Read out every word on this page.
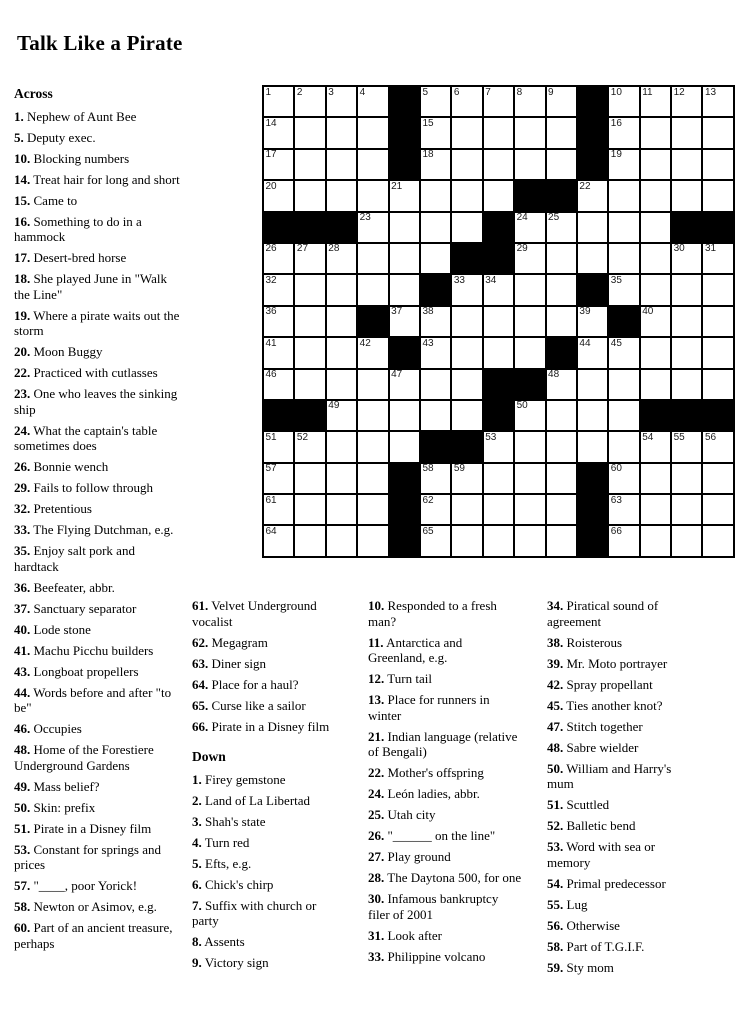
Talk Like a Pirate
1	2	3	4	5	6	7	8	9	10 11 12 13
14	15	16
17	18	19
20	21	22
23	24 25
26 27 28	29	30 31
32	33 34	35
36	37 38	39	40
41	42	43	44 45
46	47	48
49	50
51 52	53	54 55 56
57	58 59	60
61	62	63
64	65	66
Across

1. Nephew of Aunt Bee

5. Deputy exec.

10. Blocking numbers

14. Treat hair for long and short

15. Came to

16. Something to do in a hammock

17. Desert-bred horse

18. She played June in "Walk the Line"

19. Where a pirate waits out the storm

20. Moon Buggy

22. Practiced with cutlasses

23. One who leaves the sinking ship

24. What the captain's table sometimes does

26. Bonnie wench

29. Fails to follow through

32. Pretentious

33. The Flying Dutchman, e.g.

35. Enjoy salt pork and hardtack

36. Beefeater, abbr.

37. Sanctuary separator

40. Lode stone

41. Machu Picchu builders

43. Longboat propellers

44. Words before and after "to be"

46. Occupies

48. Home of the Forestiere Underground Gardens

49. Mass belief?

50. Skin: prefix

51. Pirate in a Disney film

53. Constant for springs and prices

57. "____, poor Yorick!

58. Newton or Asimov, e.g.

60. Part of an ancient treasure, perhaps

61. Velvet Underground vocalist

62. Megagram

63. Diner sign

64. Place for a haul?

65. Curse like a sailor

66. Pirate in a Disney film

Down

1. Firey gemstone

2. Land of La Libertad

3. Shah's state

4. Turn red

5. Efts, e.g.

6. Chick's chirp

7. Suffix with church or party

8. Assents

9. Victory sign

10. Responded to a fresh man?

11. Antarctica and Greenland, e.g.

12. Turn tail

13. Place for runners in winter

21. Indian language (relative of Bengali)

22. Mother's offspring

24. León ladies, abbr.

25. Utah city

26. "______ on the line"

27. Play ground

28. The Daytona 500, for one

30. Infamous bankruptcy filer of 2001

31. Look after

33. Philippine volcano

34. Piratical sound of agreement

38. Roisterous

39. Mr. Moto portrayer

42. Spray propellant

45. Ties another knot?

47. Stitch together

48. Sabre wielder

50. William and Harry's mum

51. Scuttled

52. Balletic bend

53. Word with sea or memory

54. Primal predecessor

55. Lug

56. Otherwise

58. Part of T.G.I.F.

59. Sty mom
